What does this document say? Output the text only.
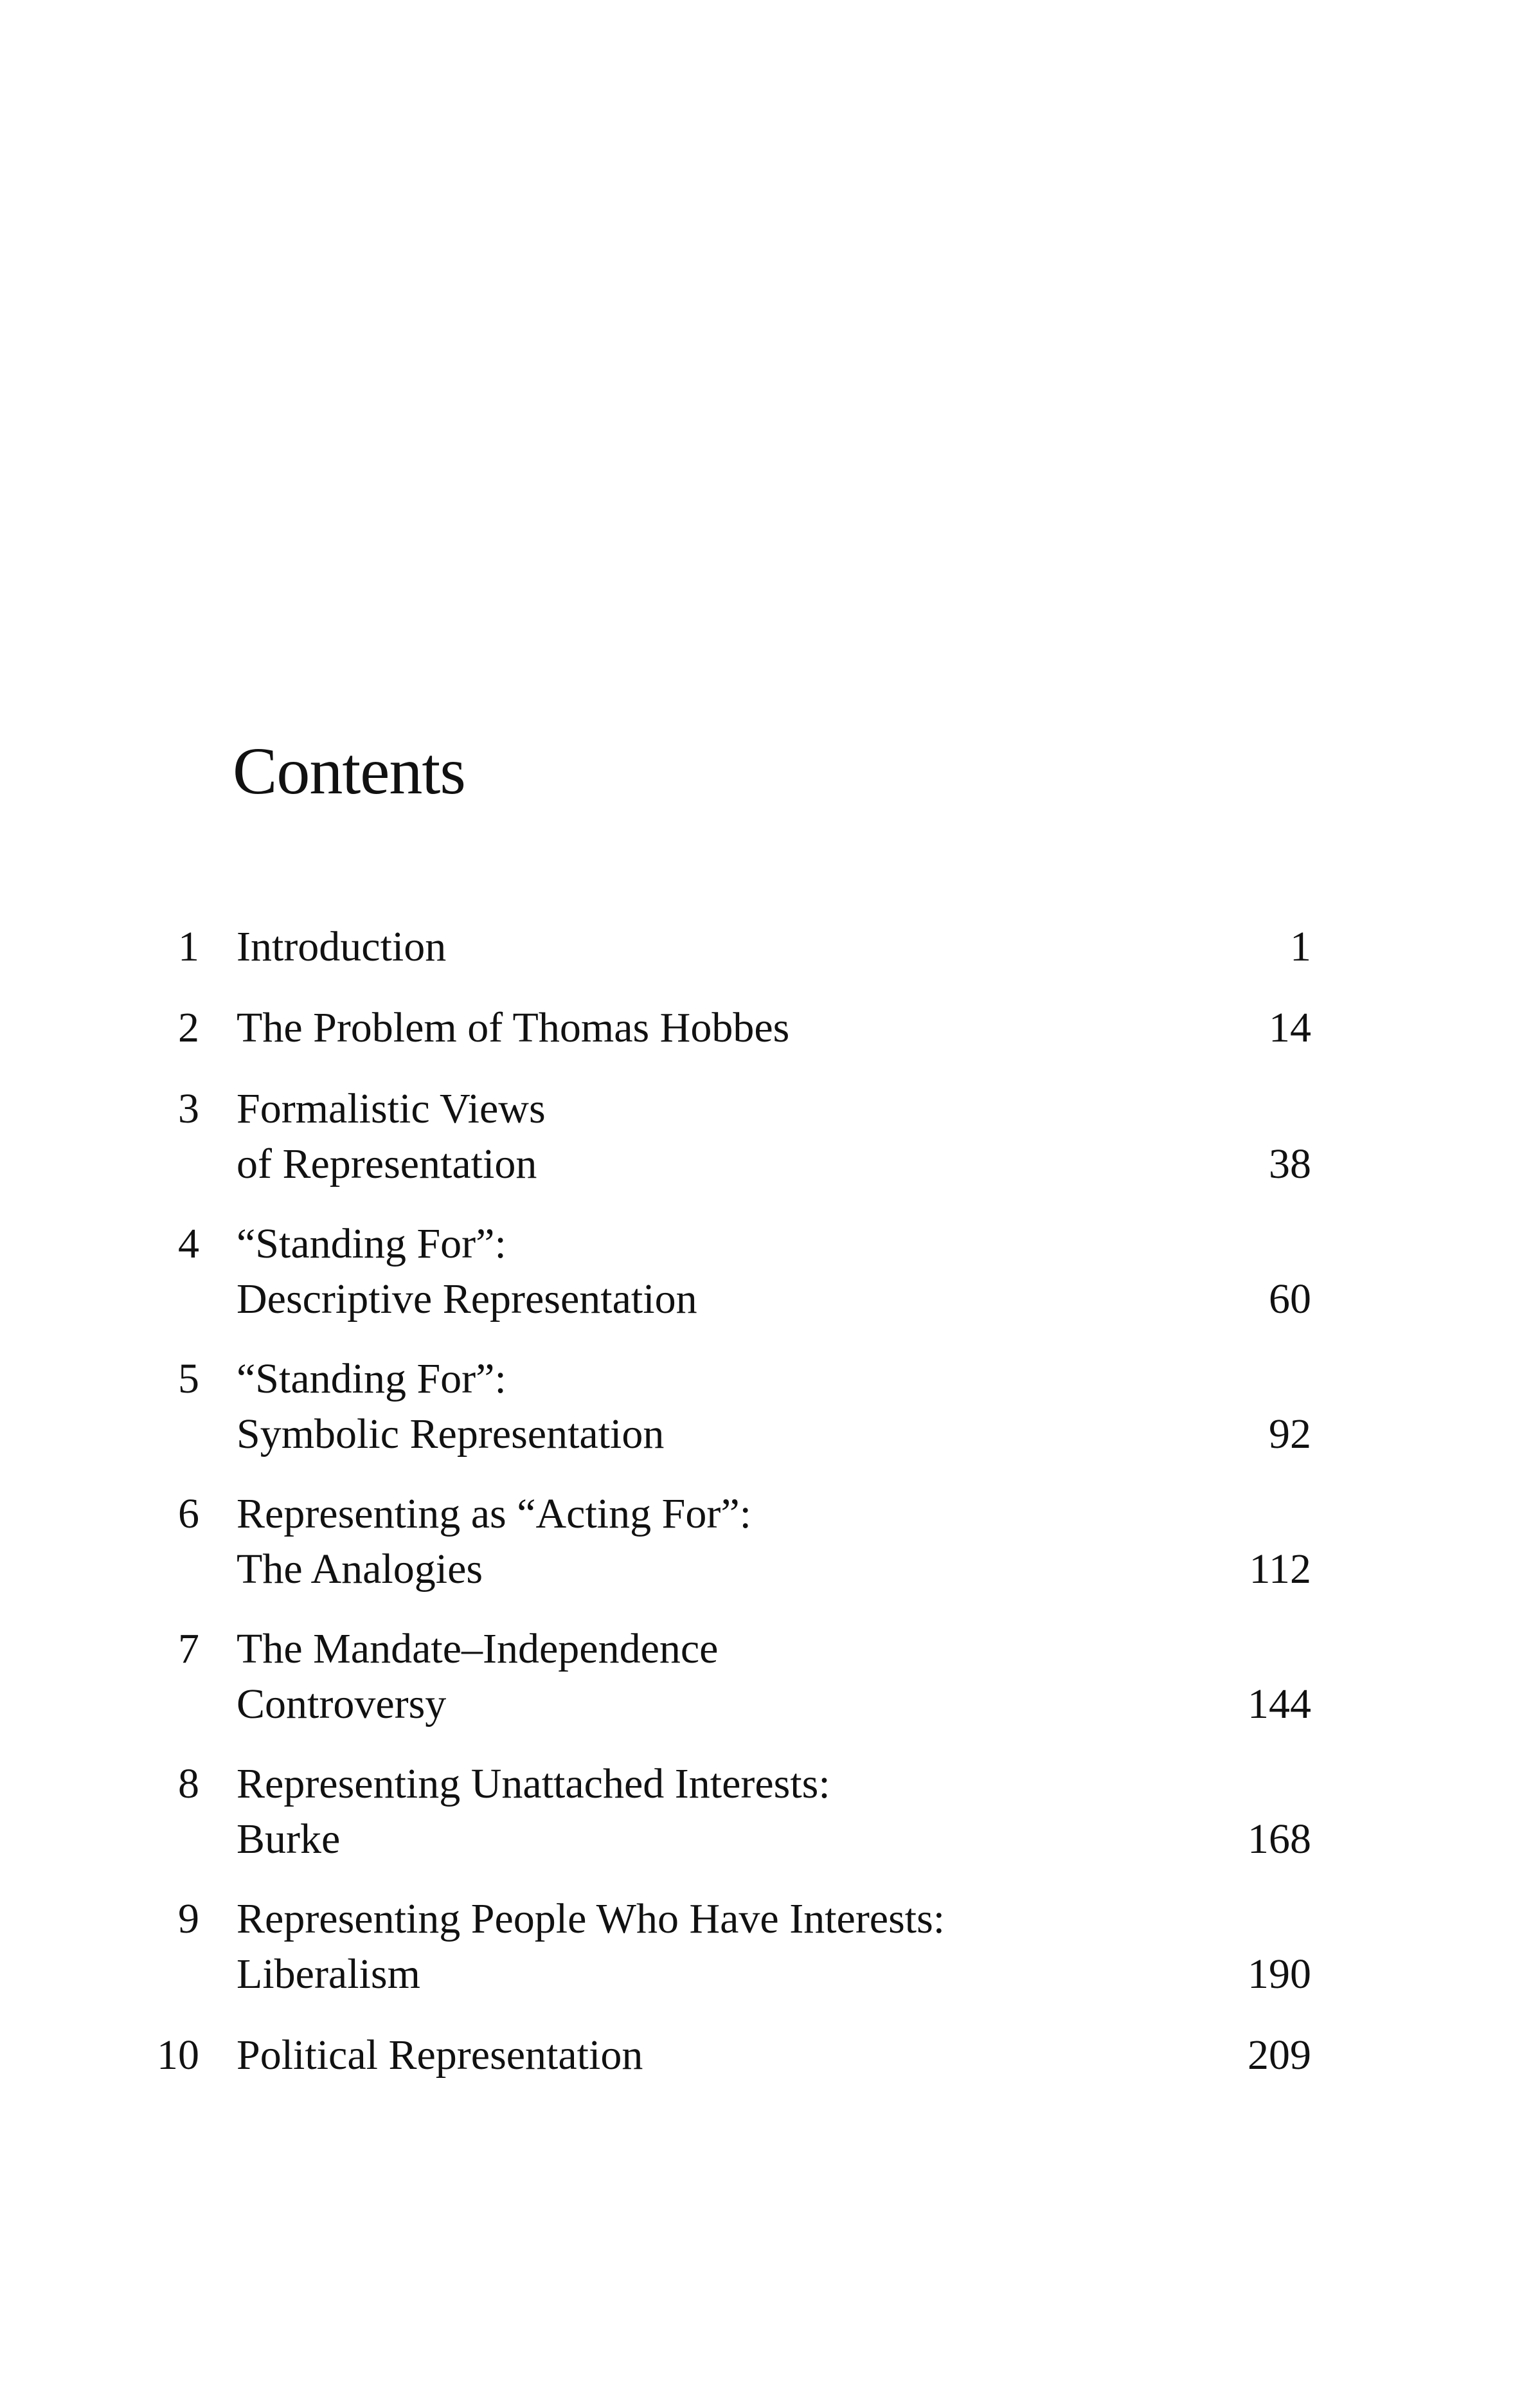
Contents
1 Introduction	1
2 The Problem of Thomas Hobbes	14
3 Formalistic Views
of Representation	38
4 “Standing For”:
Descriptive Representation	60
5 “Standing For”:
Symbolic Representation	92
6 Representing as “Acting For”:
The Analogies	112
7 The Mandate–Independence
Controversy	144
8 Representing Unattached Interests:
Burke	168
9 Representing People Who Have Interests:
Liberalism	190
10 Political Representation	209
